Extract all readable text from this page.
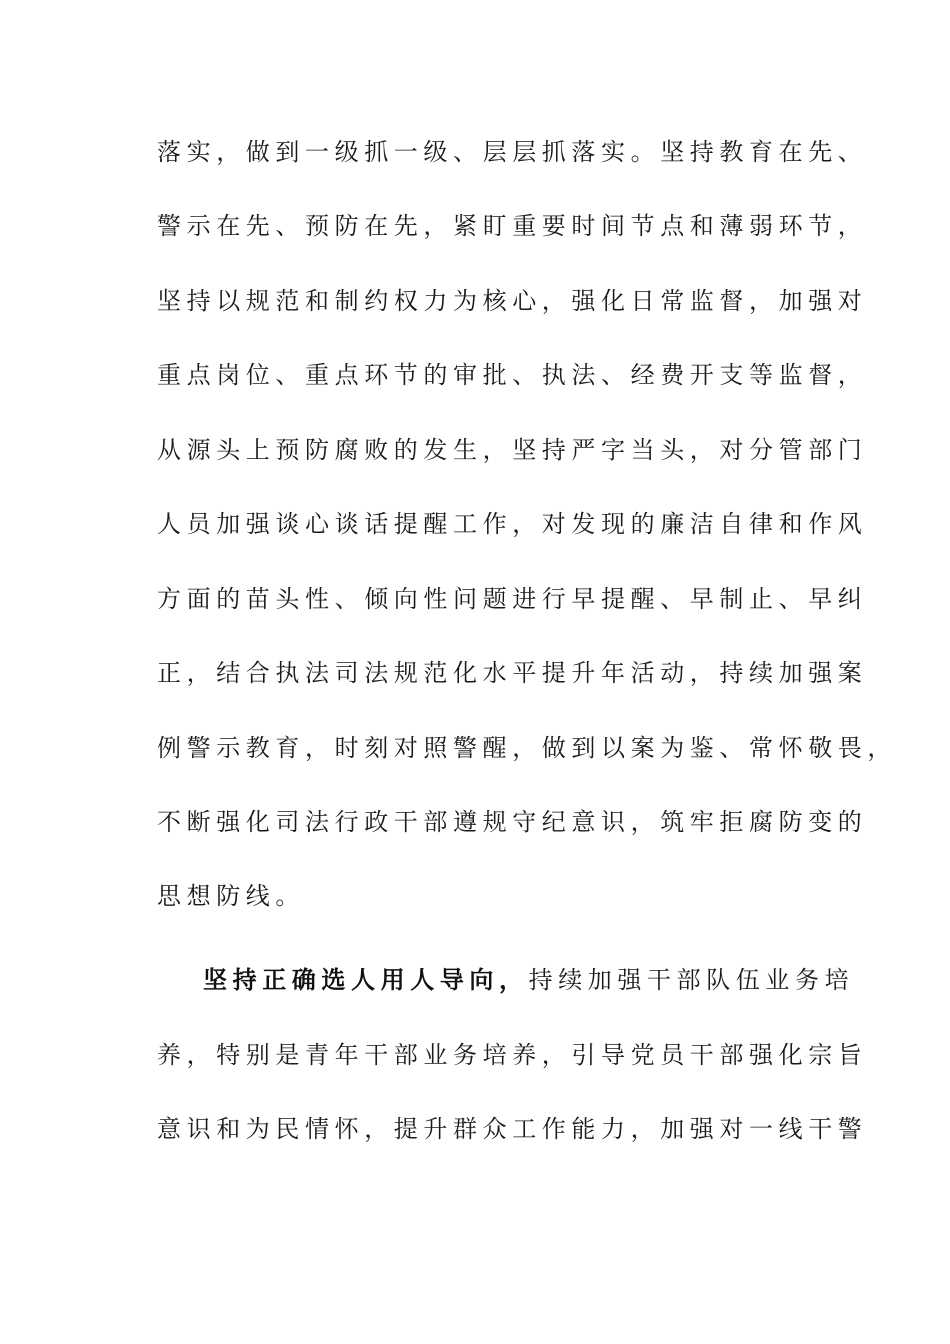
落实，做到一级抓一级、层层抓落实。坚持教育在先、
警示在先、预防在先，紧盯重要时间节点和薄弱环节，
坚持以规范和制约权力为核心，强化日常监督，加强对
重点岗位、重点环节的审批、执法、经费开支等监督，
从源头上预防腐败的发生，坚持严字当头，对分管部门
人员加强谈心谈话提醒工作，对发现的廉洁自律和作风
方面的苗头性、倾向性问题进行早提醒、早制止、早纠
正，结合执法司法规范化水平提升年活动，持续加强案
例警示教育，时刻对照警醒，做到以案为鉴、常怀敬畏，
不断强化司法行政干部遵规守纪意识，筑牢拒腐防变的
思想防线。
坚持正确选人用人导向，持续加强干部队伍业务培
养，特别是青年干部业务培养，引导党员干部强化宗旨
意识和为民情怀，提升群众工作能力，加强对一线干警
